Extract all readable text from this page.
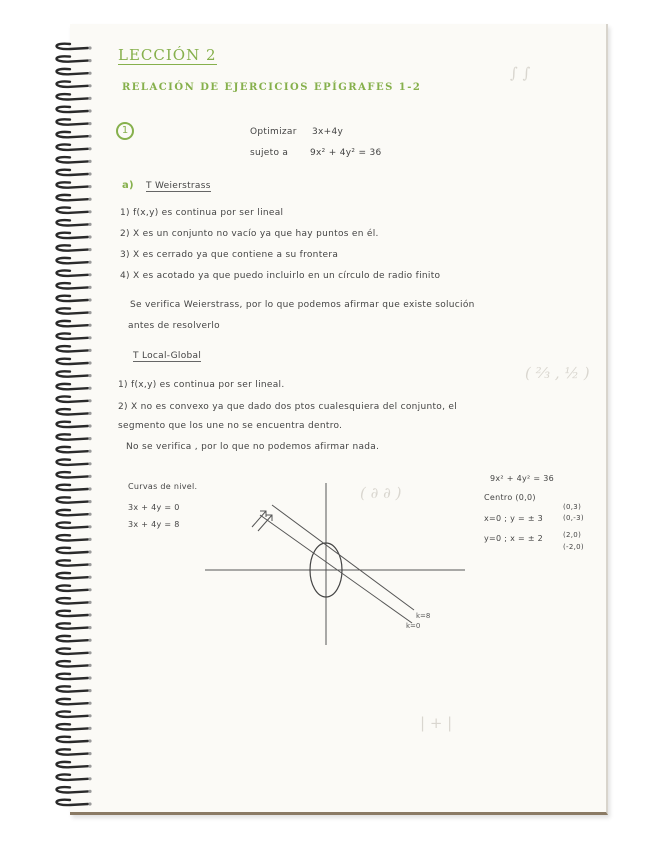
∫ ∫
( ⅔ , ½ )
( ∂ ∂ )
| + |
LECCIÓN 2
RELACIÓN DE EJERCICIOS EPÍGRAFES 1-2
1	Optimizar 3x+4y
sujeto a 9x² + 4y² = 36
a) T Weierstrass
1) f(x,y) es continua por ser lineal
2) X es un conjunto no vacío ya que hay puntos en él.
3) X es cerrado ya que contiene a su frontera
4) X es acotado ya que puedo incluirlo en un círculo de radio finito
Se verifica Weierstrass, por lo que podemos afirmar que existe solución
antes de resolverlo
T Local-Global
1) f(x,y) es continua por ser lineal.
2) X no es convexo ya que dado dos ptos cualesquiera del conjunto, el
segmento que los une no se encuentra dentro.
No se verifica , por lo que no podemos afirmar nada.
Curvas de nivel.
3x + 4y = 0
3x + 4y = 8
9x² + 4y² = 36
Centro (0,0)
x=0 ; y = ± 3
y=0 ; x = ± 2
(0,3)
(0,-3)
(2,0)
(-2,0)
k=8
k=0
